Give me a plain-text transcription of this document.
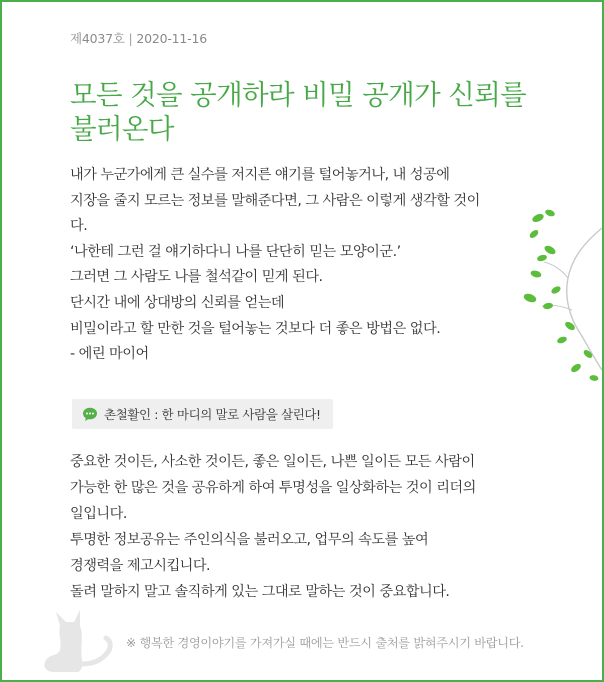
제4037호 | 2020-11-16
모든 것을 공개하라 비밀 공개가 신뢰를 불러온다
내가 누군가에게 큰 실수를 저지른 얘기를 털어놓거나, 내 성공에
지장을 줄지 모르는 정보를 말해준다면, 그 사람은 이렇게 생각할 것이
다.
‘나한테 그런 걸 얘기하다니 나를 단단히 믿는 모양이군.’
그러면 그 사람도 나를 철석같이 믿게 된다.
단시간 내에 상대방의 신뢰를 얻는데
비밀이라고 할 만한 것을 털어놓는 것보다 더 좋은 방법은 없다.
- 에린 마이어
촌철활인 : 한 마디의 말로 사람을 살린다!
중요한 것이든, 사소한 것이든, 좋은 일이든, 나쁜 일이든 모든 사람이
가능한 한 많은 것을 공유하게 하여 투명성을 일상화하는 것이 리더의
일입니다.
투명한 정보공유는 주인의식을 불러오고, 업무의 속도를 높여
경쟁력을 제고시킵니다.
돌려 말하지 말고 솔직하게 있는 그대로 말하는 것이 중요합니다.
※ 행복한 경영이야기를 가져가실 때에는 반드시 출처를 밝혀주시기 바랍니다.
